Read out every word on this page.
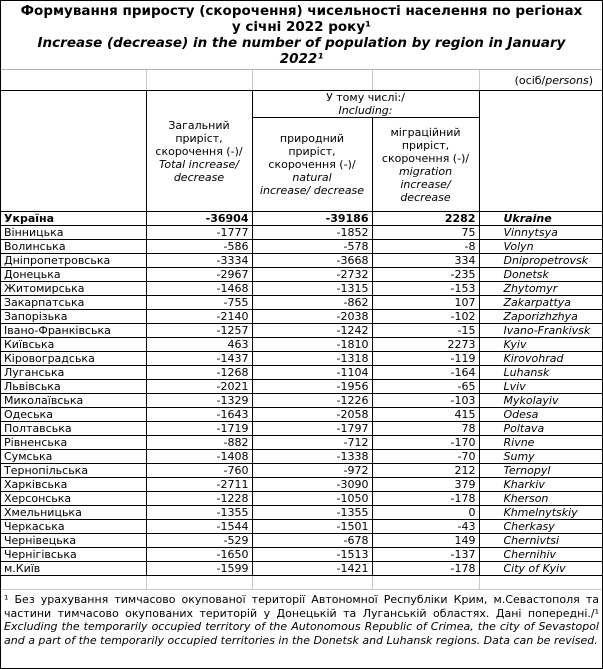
Формування приросту (скорочення) чисельності населення по регіонах
у січні 2022 року¹
Increase (decrease) in the number of population by region in January
2022¹
(осіб/persons)

Загальний
приріст,
скорочення (-)/
Total increase/
decrease

У тому числі:/
Including:

природний приріст,
скорочення (-)/
natural
increase/ decrease

міграційний
приріст,
скорочення (-)/
migration
increase/
decrease

Україна	-36904	-39186	2282	Ukraine
Вінницька	-1777	-1852	75	Vinnytsya
Волинська	-586	-578	-8	Volyn
Дніпропетровська	-3334	-3668	334	Dnipropetrovsk
Донецька	-2967	-2732	-235	Donetsk
Житомирська	-1468	-1315	-153	Zhytomyr
Закарпатська	-755	-862	107	Zakarpattya
Запорізька	-2140	-2038	-102	Zaporizhzhya
Івано-Франківська	-1257	-1242	-15	Ivano-Frankivsk
Київська	463	-1810	2273	Kyiv
Кіровоградська	-1437	-1318	-119	Kirovohrad
Луганська	-1268	-1104	-164	Luhansk
Львівська	-2021	-1956	-65	Lviv
Миколаївська	-1329	-1226	-103	Mykolayiv
Одеська	-1643	-2058	415	Odesa
Полтавська	-1719	-1797	78	Poltava
Рівненська	-882	-712	-170	Rivne
Сумська	-1408	-1338	-70	Sumy
Тернопільська	-760	-972	212	Ternopyl
Харківська	-2711	-3090	379	Kharkiv
Херсонська	-1228	-1050	-178	Kherson
Хмельницька	-1355	-1355	0	Khmelnytskiy
Черкаська	-1544	-1501	-43	Cherkasy
Чернівецька	-529	-678	149	Chernivtsi
Чернігівська	-1650	-1513	-137	Chernihiv
м.Київ	-1599	-1421	-178	City of Kyiv

¹ Без урахування тимчасово окупованої території Автономної Республіки Крим, м.Севастополя та частини тимчасово окупованих територій у Донецькій та Луганській областях. Дані попередні./¹ Excluding the temporarily occupied territory of the Autonomous Republic of Crimea, the city of Sevastopol and a part of the temporarily occupied territories in the Donetsk and Luhansk regions. Data can be revised.
